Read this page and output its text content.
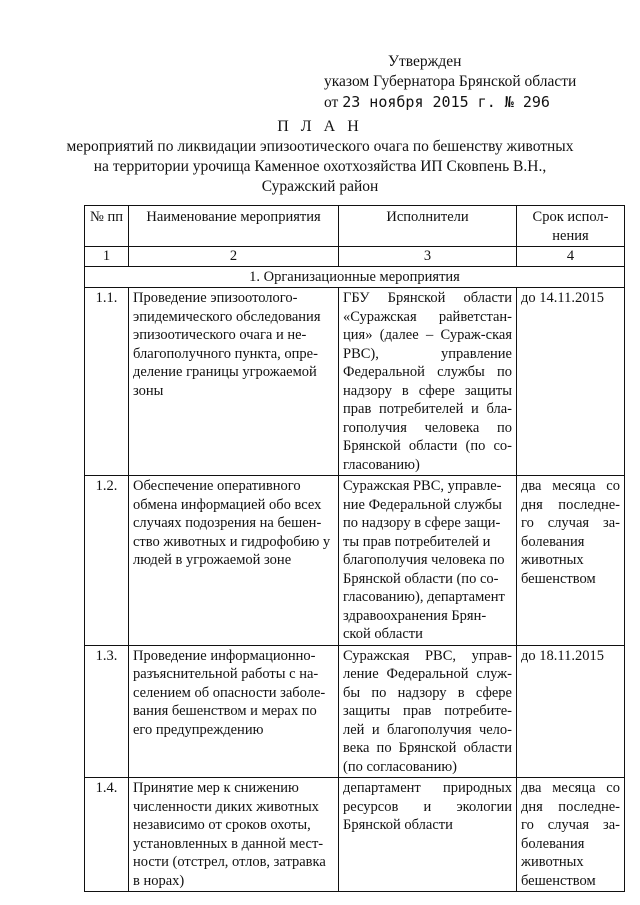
Утвержден
указом Губернатора Брянской области
от 23 ноября 2015 г. № 296
П Л А Н
мероприятий по ликвидации эпизоотического очага по бешенству животных
на территории урочища Каменное охотхозяйства ИП Сковпень В.Н.,
Суражский район
№ пп	Наименование мероприятия	Исполнители	Срок испол-нения
1	2	3	4
1. Организационные мероприятия			
1.1.	Проведение эпизоотолого-эпидемического обследования эпизоотического очага и не-благополучного пункта, опре-деление границы угрожаемой зоны	ГБУ Брянской области «Суражская райветстан-ция» (далее – Сураж-ская РВС), управление Федеральной службы по надзору в сфере защиты прав потребителей и бла-гополучия человека по Брянской области (по со-гласованию)	до 14.11.2015
1.2.	Обеспечение оперативного обмена информацией обо всех случаях подозрения на бешен-ство животных и гидрофобию у людей в угрожаемой зоне	Суражская РВС, управле-ние Федеральной службы по надзору в сфере защи-ты прав потребителей и благополучия человека по Брянской области (по со-гласованию), департамент здравоохранения Брян-ской области	два месяца со дня последне-го случая за-болевания животных бешенством
1.3.	Проведение информационно-разъяснительной работы с на-селением об опасности заболе-вания бешенством и мерах по его предупреждению	Суражская РВС, управ-ление Федеральной служ-бы по надзору в сфере защиты прав потребите-лей и благополучия чело-века по Брянской области (по согласованию)	до 18.11.2015
1.4.	Принятие мер к снижению численности диких животных независимо от сроков охоты, установленных в данной мест-ности (отстрел, отлов, затравка в норах)	департамент природных ресурсов и экологии Брянской области	два месяца со дня последне-го случая за-болевания животных бешенством
